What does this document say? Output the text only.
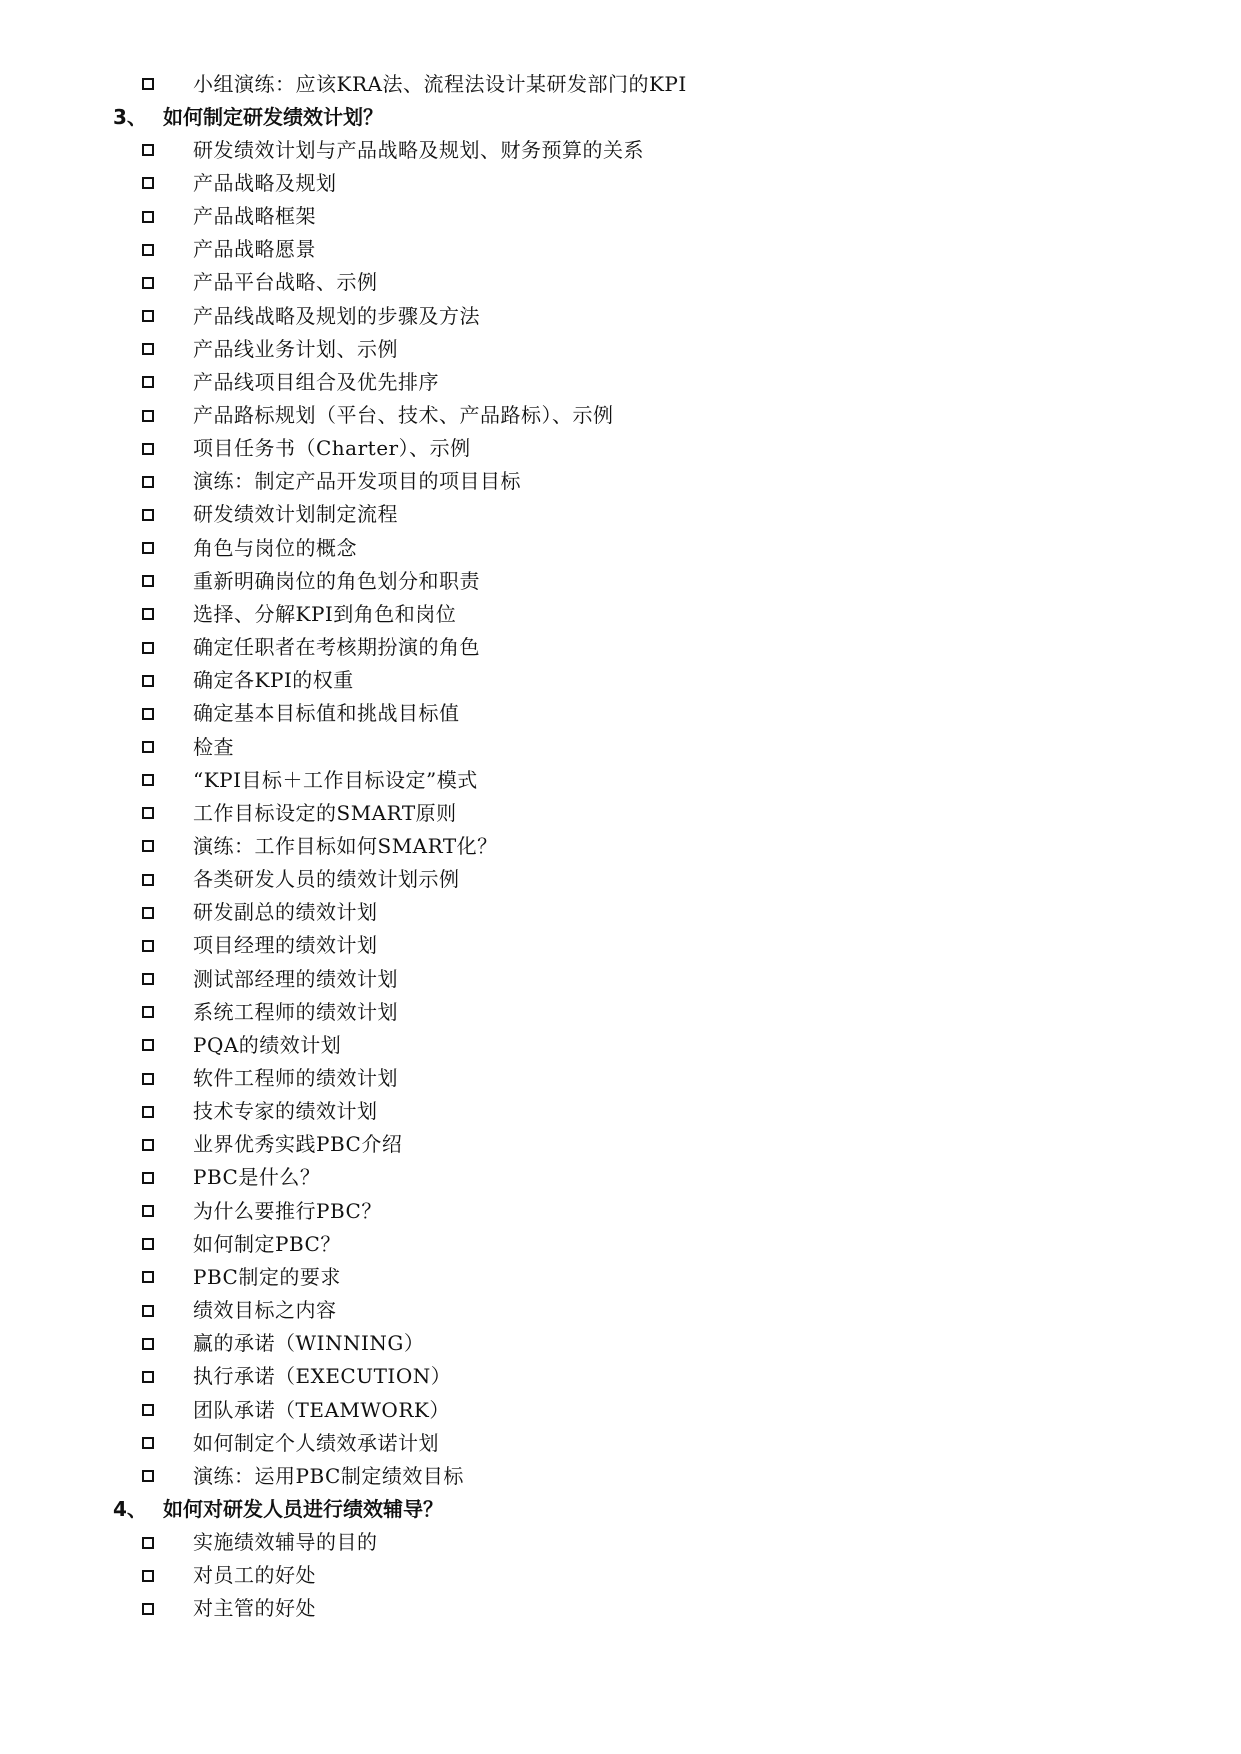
小组演练：应该KRA法、流程法设计某研发部门的KPI
3、 如何制定研发绩效计划？
研发绩效计划与产品战略及规划、财务预算的关系
产品战略及规划
产品战略框架
产品战略愿景
产品平台战略、示例
产品线战略及规划的步骤及方法
产品线业务计划、示例
产品线项目组合及优先排序
产品路标规划（平台、技术、产品路标）、示例
项目任务书（Charter）、示例
演练：制定产品开发项目的项目目标
研发绩效计划制定流程
角色与岗位的概念
重新明确岗位的角色划分和职责
选择、分解KPI到角色和岗位
确定任职者在考核期扮演的角色
确定各KPI的权重
确定基本目标值和挑战目标值
检查
“KPI目标＋工作目标设定”模式
工作目标设定的SMART原则
演练：工作目标如何SMART化？
各类研发人员的绩效计划示例
研发副总的绩效计划
项目经理的绩效计划
测试部经理的绩效计划
系统工程师的绩效计划
PQA的绩效计划
软件工程师的绩效计划
技术专家的绩效计划
业界优秀实践PBC介绍
PBC是什么？
为什么要推行PBC？
如何制定PBC？
PBC制定的要求
绩效目标之内容
赢的承诺（WINNING）
执行承诺（EXECUTION）
团队承诺（TEAMWORK）
如何制定个人绩效承诺计划
演练：运用PBC制定绩效目标
4、 如何对研发人员进行绩效辅导？
实施绩效辅导的目的
对员工的好处
对主管的好处
